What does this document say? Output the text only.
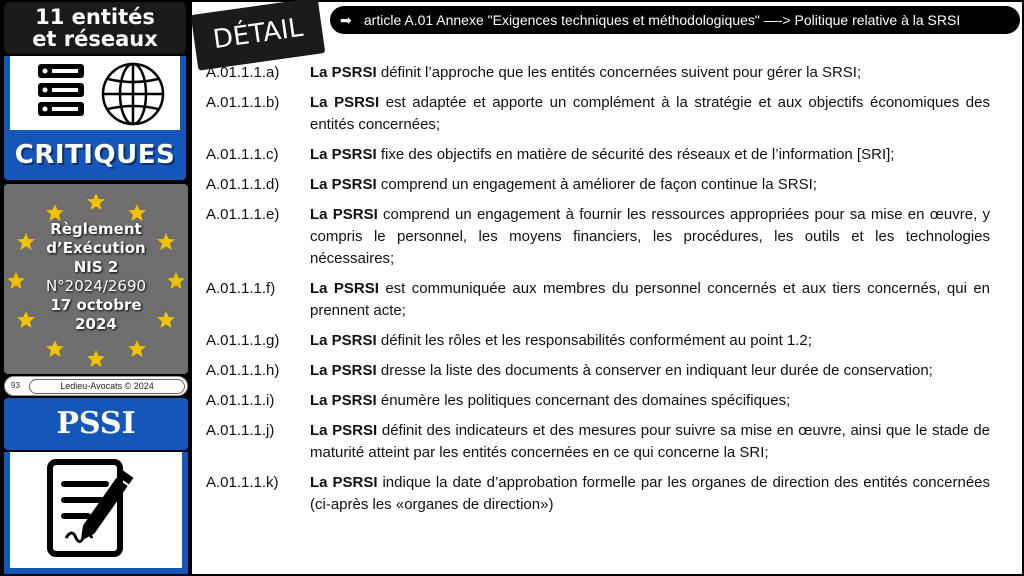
11 entités
et réseaux
CRITIQUES
Règlement
d’Exécution
NIS 2
N°2024/2690
17 octobre
2024
93	Ledieu-Avocats © 2024
PSSI
DÉTAIL	➡ article A.01 Annexe "Exigences techniques et méthodologiques" —-> Politique relative à la SRSI
A.01.1.1.a)	La PSRSI définit l’approche que les entités concernées suivent pour gérer la SRSI;
A.01.1.1.b)	La PSRSI est adaptée et apporte un complément à la stratégie et aux objectifs économiques des entités concernées;
A.01.1.1.c)	La PSRSI fixe des objectifs en matière de sécurité des réseaux et de l’information [SRI];
A.01.1.1.d)	La PSRSI comprend un engagement à améliorer de façon continue la SRSI;
A.01.1.1.e)	La PSRSI comprend un engagement à fournir les ressources appropriées pour sa mise en œuvre, y compris le personnel, les moyens financiers, les procédures, les outils et les technologies nécessaires;
A.01.1.1.f)	La PSRSI est communiquée aux membres du personnel concernés et aux tiers concernés, qui en prennent acte;
A.01.1.1.g)	La PSRSI définit les rôles et les responsabilités conformément au point 1.2;
A.01.1.1.h)	La PSRSI dresse la liste des documents à conserver en indiquant leur durée de conservation;
A.01.1.1.i)	La PSRSI énumère les politiques concernant des domaines spécifiques;
A.01.1.1.j)	La PSRSI définit des indicateurs et des mesures pour suivre sa mise en œuvre, ainsi que le stade de maturité atteint par les entités concernées en ce qui concerne la SRI;
A.01.1.1.k)	La PSRSI indique la date d’approbation formelle par les organes de direction des entités concernées (ci-après les «organes de direction»)
